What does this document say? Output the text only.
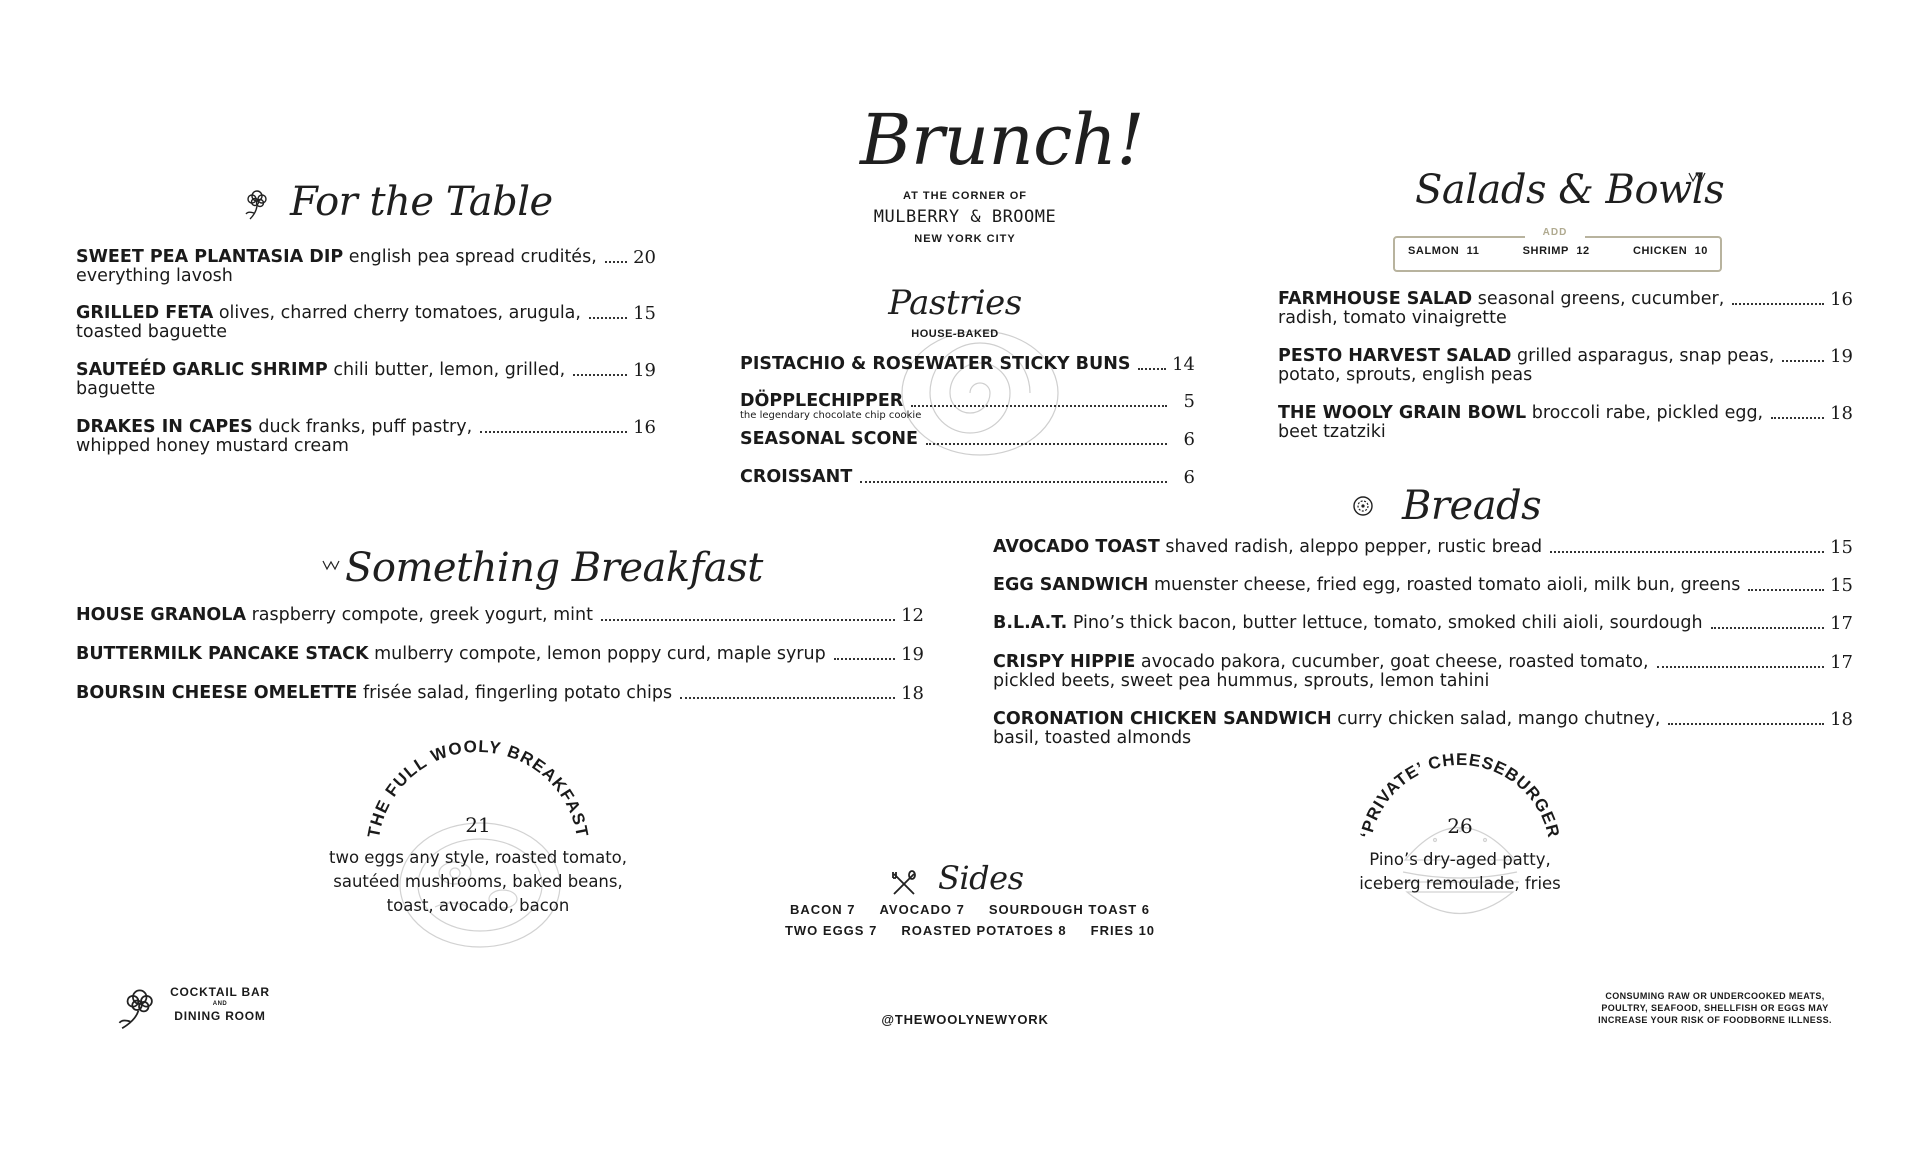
Brunch!
AT THE CORNER OF
MULBERRY & BROOME
NEW YORK CITY
For the Table
SWEET PEA PLANTASIA DIP english pea spread crudités, 20
everything lavosh
GRILLED FETA olives, charred cherry tomatoes, arugula,	15
toasted baguette
SAUTEÉD GARLIC SHRIMP chili butter, lemon, grilled,	19
baguette
DRAKES IN CAPES duck franks, puff pastry,	16
whipped honey mustard cream
Pastries
HOUSE-BAKED
PISTACHIO & ROSEWATER STICKY BUNS 14
DÖPPLECHIPPER	5
the legendary chocolate chip cookie
SEASONAL SCONE	6
CROISSANT	6
Salads & Bowls
ADD
SALMON 11	SHRIMP 12	CHICKEN 10
FARMHOUSE SALAD seasonal greens, cucumber,	16
radish, tomato vinaigrette
PESTO HARVEST SALAD grilled asparagus, snap peas,	19
potato, sprouts, english peas
THE WOOLY GRAIN BOWL broccoli rabe, pickled egg,	18
beet tzatziki
Breads
AVOCADO TOAST shaved radish, aleppo pepper, rustic bread	15
EGG SANDWICH muenster cheese, fried egg, roasted tomato aioli, milk bun, greens	15
B.L.A.T. Pino’s thick bacon, butter lettuce, tomato, smoked chili aioli, sourdough	17
CRISPY HIPPIE avocado pakora, cucumber, goat cheese, roasted tomato,	17
pickled beets, sweet pea hummus, sprouts, lemon tahini
CORONATION CHICKEN SANDWICH curry chicken salad, mango chutney,	18
basil, toasted almonds
Something Breakfast
HOUSE GRANOLA raspberry compote, greek yogurt, mint	12
BUTTERMILK PANCAKE STACK mulberry compote, lemon poppy curd, maple syrup	19
BOURSIN CHEESE OMELETTE frisée salad, fingerling potato chips	18
THE FULL WOOLY BREAKFAST
21
two eggs any style, roasted tomato,
sautéed mushrooms, baked beans,
toast, avocado, bacon
Sides
BACON 7 AVOCADO 7 SOURDOUGH TOAST 6
TWO EGGS 7 ROASTED POTATOES 8 FRIES 10
‘PRIVATE’ CHEESEBURGER
26
Pino’s dry-aged patty,
iceberg remoulade, fries
COCKTAIL BAR
AND
DINING ROOM	@THEWOOLYNEWYORK
CONSUMING RAW OR UNDERCOOKED MEATS,
POULTRY, SEAFOOD, SHELLFISH OR EGGS MAY
INCREASE YOUR RISK OF FOODBORNE ILLNESS.
